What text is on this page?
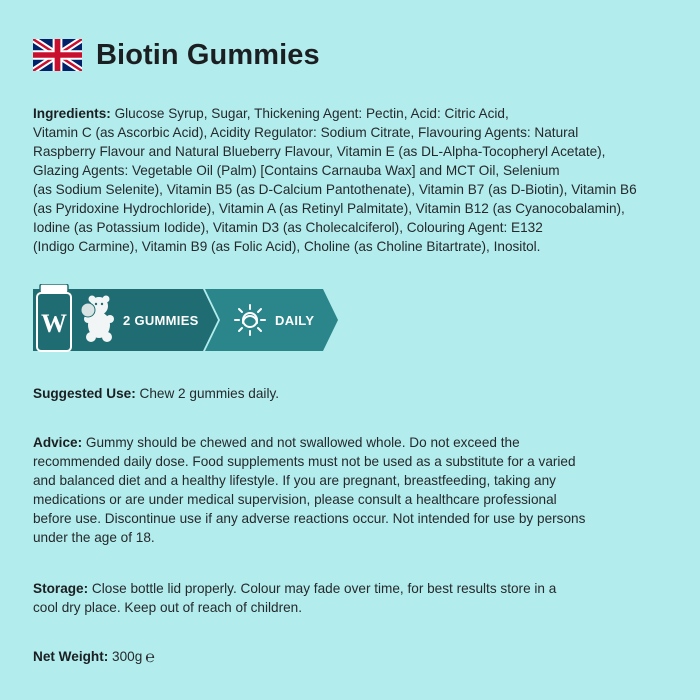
Biotin Gummies
Ingredients: Glucose Syrup, Sugar, Thickening Agent: Pectin, Acid: Citric Acid,
Vitamin C (as Ascorbic Acid), Acidity Regulator: Sodium Citrate, Flavouring Agents: Natural
Raspberry Flavour and Natural Blueberry Flavour, Vitamin E (as DL-Alpha-Tocopheryl Acetate),
Glazing Agents: Vegetable Oil (Palm) [Contains Carnauba Wax] and MCT Oil, Selenium
(as Sodium Selenite), Vitamin B5 (as D-Calcium Pantothenate), Vitamin B7 (as D-Biotin), Vitamin B6
(as Pyridoxine Hydrochloride), Vitamin A (as Retinyl Palmitate), Vitamin B12 (as Cyanocobalamin),
Iodine (as Potassium Iodide), Vitamin D3 (as Cholecalciferol), Colouring Agent: E132
(Indigo Carmine), Vitamin B9 (as Folic Acid), Choline (as Choline Bitartrate), Inositol.
W	2 GUMMIES	DAILY
Suggested Use: Chew 2 gummies daily.
Advice: Gummy should be chewed and not swallowed whole. Do not exceed the
recommended daily dose. Food supplements must not be used as a substitute for a varied
and balanced diet and a healthy lifestyle. If you are pregnant, breastfeeding, taking any
medications or are under medical supervision, please consult a healthcare professional
before use. Discontinue use if any adverse reactions occur. Not intended for use by persons
under the age of 18.
Storage: Close bottle lid properly. Colour may fade over time, for best results store in a
cool dry place. Keep out of reach of children.
Net Weight: 300g ℮
